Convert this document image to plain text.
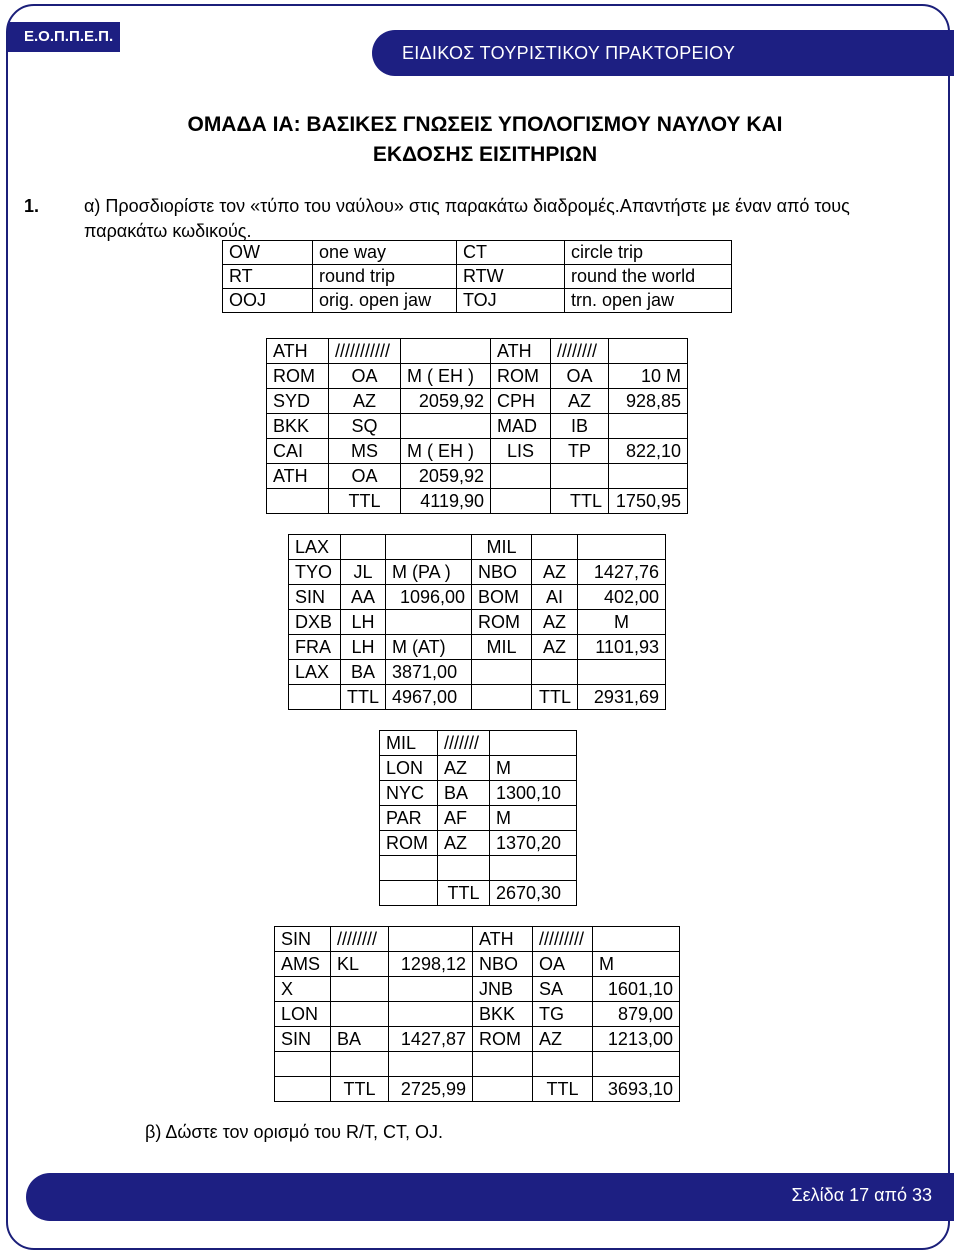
Ε.Ο.Π.Π.Ε.Π.
ΕΙΔΙΚΟΣ ΤΟΥΡΙΣΤΙΚΟΥ ΠΡΑΚΤΟΡΕΙΟΥ
ΟΜΑΔΑ ΙΑ: ΒΑΣΙΚΕΣ ΓΝΩΣΕΙΣ ΥΠΟΛΟΓΙΣΜΟΥ ΝΑΥΛΟΥ ΚΑΙ
ΕΚΔΟΣΗΣ ΕΙΣΙΤΗΡΙΩΝ
1. α) Προσδιορίστε τον «τύπο του ναύλου» στις παρακάτω διαδρομές.Απαντήστε με έναν από τους παρακάτω κωδικούς.
OW	one way	CT	circle trip
RT	round trip	RTW	round the world
OOJ	orig. open jaw	TOJ	trn. open jaw
ATH	///////////		ATH	////////	
ROM	OA	M ( EH )	ROM	OA	10 M
SYD	AZ	2059,92	CPH	AZ	928,85
BKK	SQ		MAD	IB	
CAI	MS	M ( EH )	LIS	TP	822,10
ATH	OA	2059,92			
	TTL	4119,90		TTL	1750,95
LAX			MIL		
TYO	JL	M (PA )	NBO	AZ	1427,76
SIN	AA	1096,00	BOM	AI	402,00
DXB	LH		ROM	AZ	M
FRA	LH	M (AT)	MIL	AZ	1101,93
LAX	BA	3871,00			
	TTL	4967,00		TTL	2931,69
MIL	///////	
LON	AZ	M
NYC	BA	1300,10
PAR	AF	M
ROM	AZ	1370,20

	TTL	2670,30
SIN	////////		ATH	/////////	
AMS	KL	1298,12	NBO	OA	M
X			JNB	SA	1601,10
LON			BKK	TG	879,00
SIN	BA	1427,87	ROM	AZ	1213,00

	TTL	2725,99		TTL	3693,10
β) Δώστε τον ορισμό του R/T, CT, OJ.
Σελίδα 17 από 33
